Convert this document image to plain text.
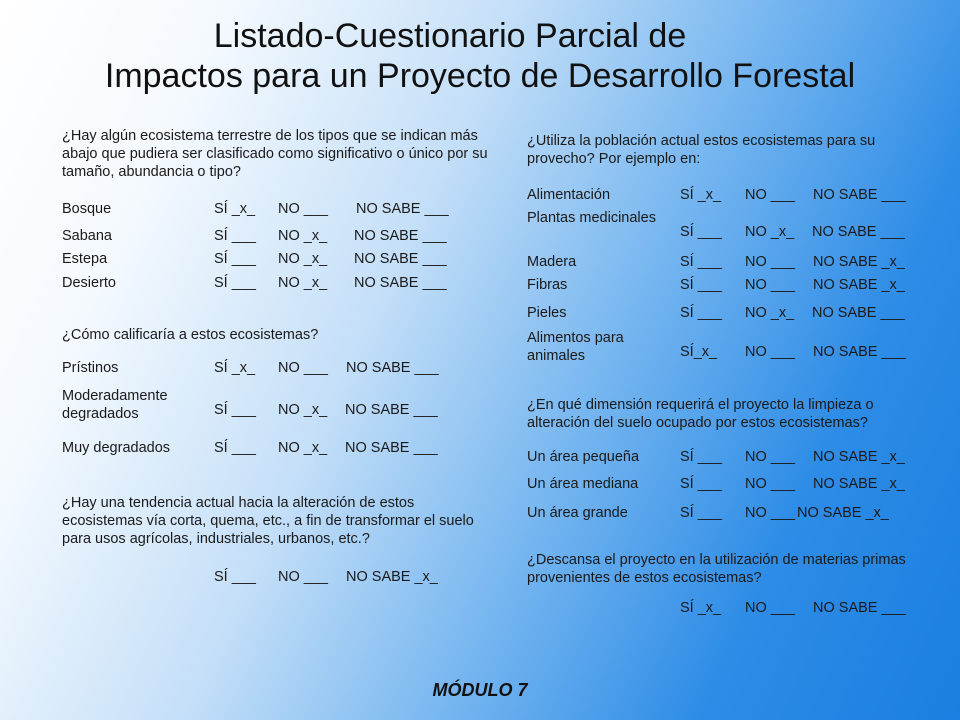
Listado-Cuestionario Parcial de
Impactos para un Proyecto de Desarrollo Forestal
¿Hay algún ecosistema terrestre de los tipos que se indican más abajo que pudiera ser clasificado como significativo o único por su tamaño, abundancia o tipo?
Bosque	SÍ _x_ NO ___ NO SABE ___
Sabana	SÍ ___ NO _x_ NO SABE ___
Estepa	SÍ ___ NO _x_ NO SABE ___
Desierto	SÍ ___ NO _x_ NO SABE ___
¿Cómo calificaría a estos ecosistemas?
Prístinos	SÍ _x_ NO ___ NO SABE ___
Moderadamente degradados	SÍ ___ NO _x_ NO SABE ___
Muy degradados	SÍ ___ NO _x_ NO SABE ___
¿Hay una tendencia actual hacia la alteración de estos ecosistemas vía corta, quema, etc., a fin de transformar el suelo para usos agrícolas, industriales, urbanos, etc.?
SÍ ___ NO ___ NO SABE _x_
¿Utiliza la población actual estos ecosistemas para su provecho? Por ejemplo en:
Alimentación	SÍ _x_ NO ___ NO SABE ___
Plantas medicinales
SÍ ___ NO _x_ NO SABE ___
Madera	SÍ ___ NO ___ NO SABE _x_
Fibras	SÍ ___ NO ___ NO SABE _x_
Pieles	SÍ ___ NO _x_ NO SABE ___
Alimentos para animales	SÍ_x_ NO ___ NO SABE ___
¿En qué dimensión requerirá el proyecto la limpieza o alteración del suelo ocupado por estos ecosistemas?
Un área pequeña	SÍ ___ NO ___ NO SABE _x_
Un área mediana	SÍ ___ NO ___ NO SABE _x_
Un área grande	SÍ ___ NO ___ NO SABE _x_
¿Descansa el proyecto en la utilización de materias primas provenientes de estos ecosistemas?
SÍ _x_ NO ___ NO SABE ___
MÓDULO 7
